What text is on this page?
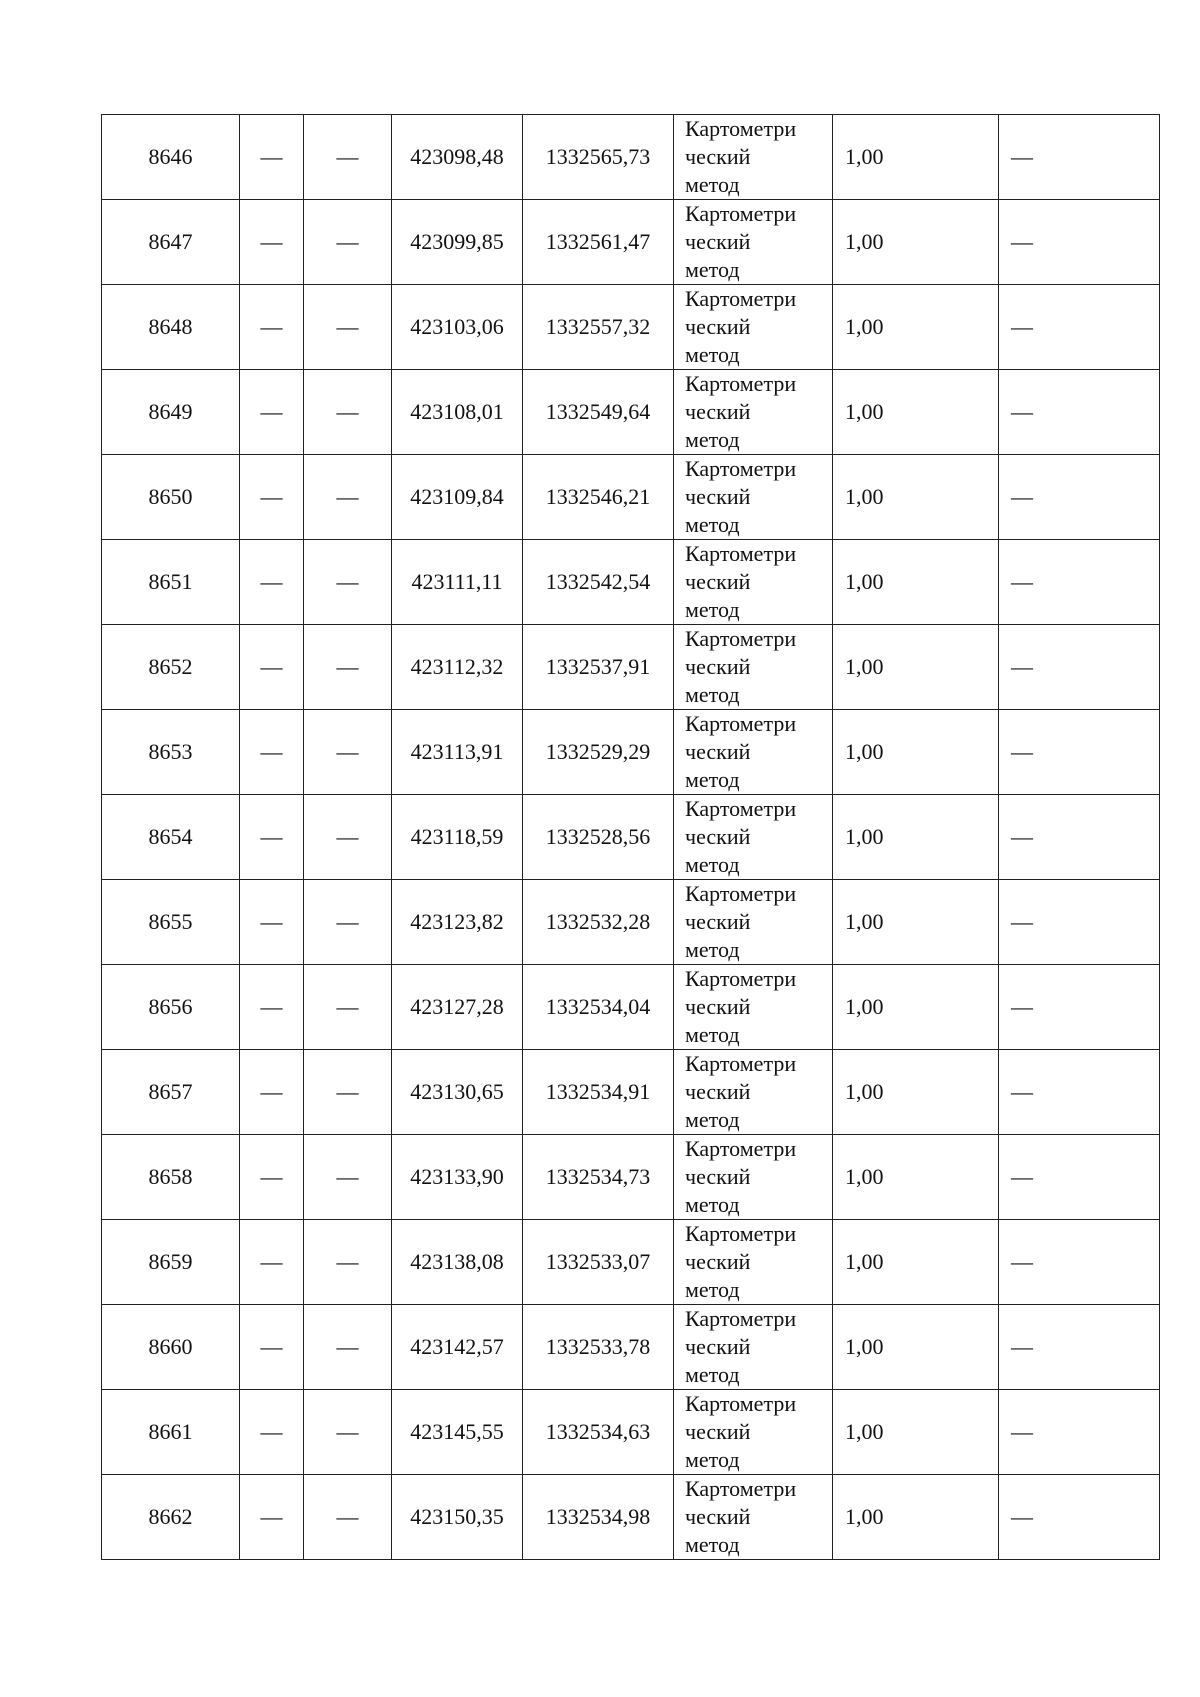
8646	—	—	423098,48	1332565,73	Картометри
ческий
метод	1,00	—
8647	—	—	423099,85	1332561,47	Картометри
ческий
метод	1,00	—
8648	—	—	423103,06	1332557,32	Картометри
ческий
метод	1,00	—
8649	—	—	423108,01	1332549,64	Картометри
ческий
метод	1,00	—
8650	—	—	423109,84	1332546,21	Картометри
ческий
метод	1,00	—
8651	—	—	423111,11	1332542,54	Картометри
ческий
метод	1,00	—
8652	—	—	423112,32	1332537,91	Картометри
ческий
метод	1,00	—
8653	—	—	423113,91	1332529,29	Картометри
ческий
метод	1,00	—
8654	—	—	423118,59	1332528,56	Картометри
ческий
метод	1,00	—
8655	—	—	423123,82	1332532,28	Картометри
ческий
метод	1,00	—
8656	—	—	423127,28	1332534,04	Картометри
ческий
метод	1,00	—
8657	—	—	423130,65	1332534,91	Картометри
ческий
метод	1,00	—
8658	—	—	423133,90	1332534,73	Картометри
ческий
метод	1,00	—
8659	—	—	423138,08	1332533,07	Картометри
ческий
метод	1,00	—
8660	—	—	423142,57	1332533,78	Картометри
ческий
метод	1,00	—
8661	—	—	423145,55	1332534,63	Картометри
ческий
метод	1,00	—
8662	—	—	423150,35	1332534,98	Картометри
ческий
метод	1,00	—
